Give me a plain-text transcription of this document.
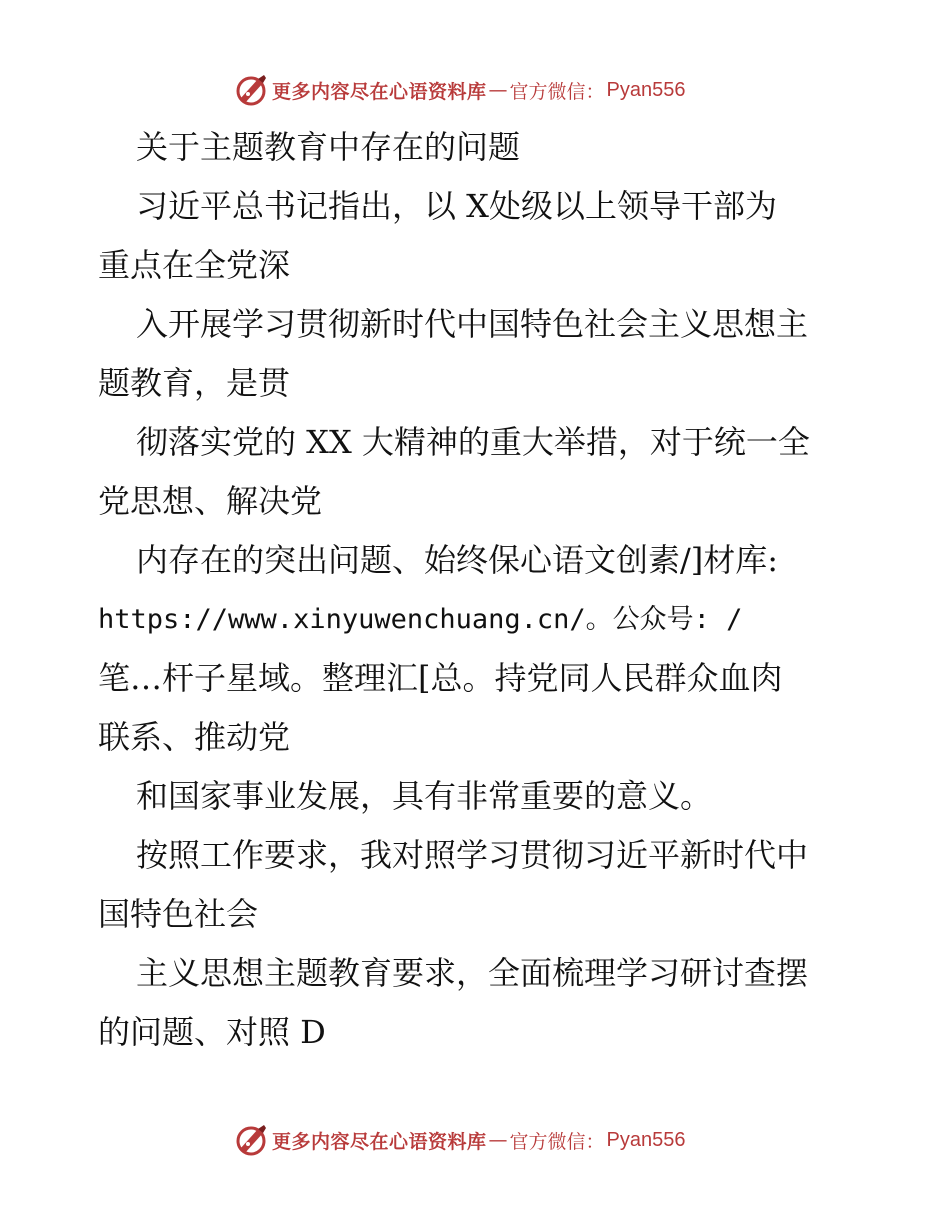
更多内容尽在心语资料库 — 官方微信： Pyan556
关于主题教育中存在的问题
习近平总书记指出，以 X处级以上领导干部为
重点在全党深
入开展学习贯彻新时代中国特色社会主义思想主
题教育，是贯
彻落实党的 XX 大精神的重大举措，对于统一全
党思想、解决党
内存在的突出问题、始终保心语文创素/]材库:
https://www.xinyuwenchuang.cn/。公众号: /
笔…杆子星域。整理汇[总。持党同人民群众血肉
联系、推动党
和国家事业发展，具有非常重要的意义。
按照工作要求，我对照学习贯彻习近平新时代中
国特色社会
主义思想主题教育要求，全面梳理学习研讨查摆
的问题、对照 D
更多内容尽在心语资料库 — 官方微信： Pyan556
